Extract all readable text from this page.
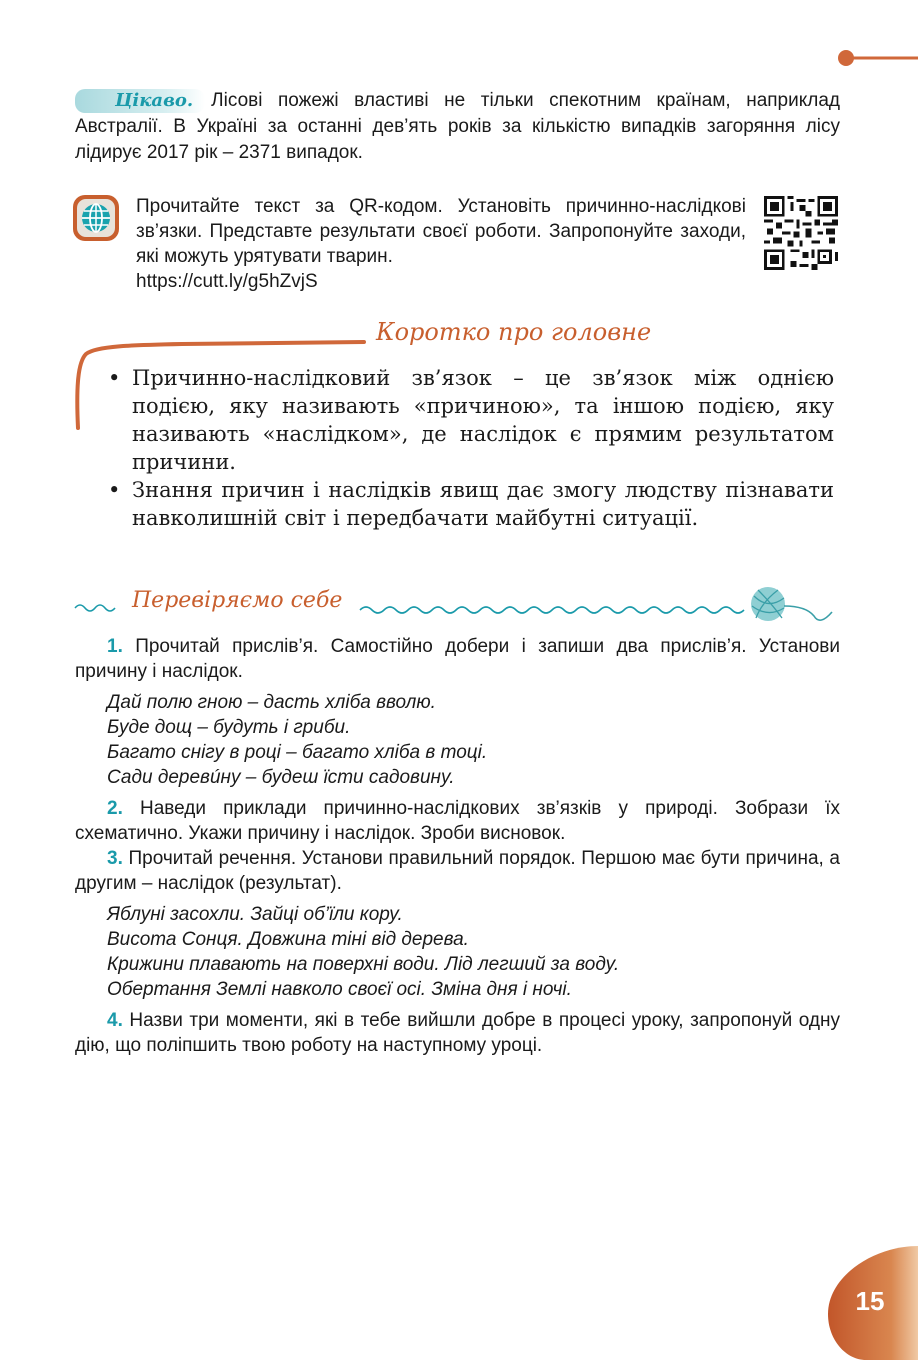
Цікаво. Лісові пожежі властиві не тільки спекотним країнам, наприклад Австралії. В Україні за останні дев’ять років за кількістю випадків загоряння лісу лідирує 2017 рік – 2371 випадок.
Прочитайте текст за QR-кодом. Установіть причинно-наслідкові зв’язки. Представте результати своєї роботи. Запропонуйте заходи, які можуть урятувати тварин.
https://cutt.ly/g5hZvjS
Коротко про головне
• Причинно-наслідковий зв’язок – це зв’язок між однією подією, яку називають «причиною», та іншою подією, яку називають «наслідком», де наслідок є прямим результатом причини.
• Знання причин і наслідків явищ дає змогу людству пізнавати навколишній світ і передбачати майбутні ситуації.
Перевіряємо себе

1. Прочитай прислів’я. Самостійно добери і запиши два прислів’я. Установи причину і наслідок.

Дай полю гною – дасть хліба вволю.
Буде дощ – будуть і гриби.
Багато снігу в році – багато хліба в тоці.
Сади деревúну – будеш їсти садовину.

2. Наведи приклади причинно-наслідкових зв’язків у природі. Зобрази їх схематично. Укажи причину і наслідок. Зроби висновок.

3. Прочитай речення. Установи правильний порядок. Першою має бути причина, а другим – наслідок (результат).

Яблуні засохли. Зайці об’їли кору.
Висота Сонця. Довжина тіні від дерева.
Крижини плавають на поверхні води. Лід легший за воду.
Обертання Землі навколо своєї осі. Зміна дня і ночі.

4. Назви три моменти, які в тебе вийшли добре в процесі уроку, запропонуй одну дію, що поліпшить твою роботу на наступному уроці.

15
